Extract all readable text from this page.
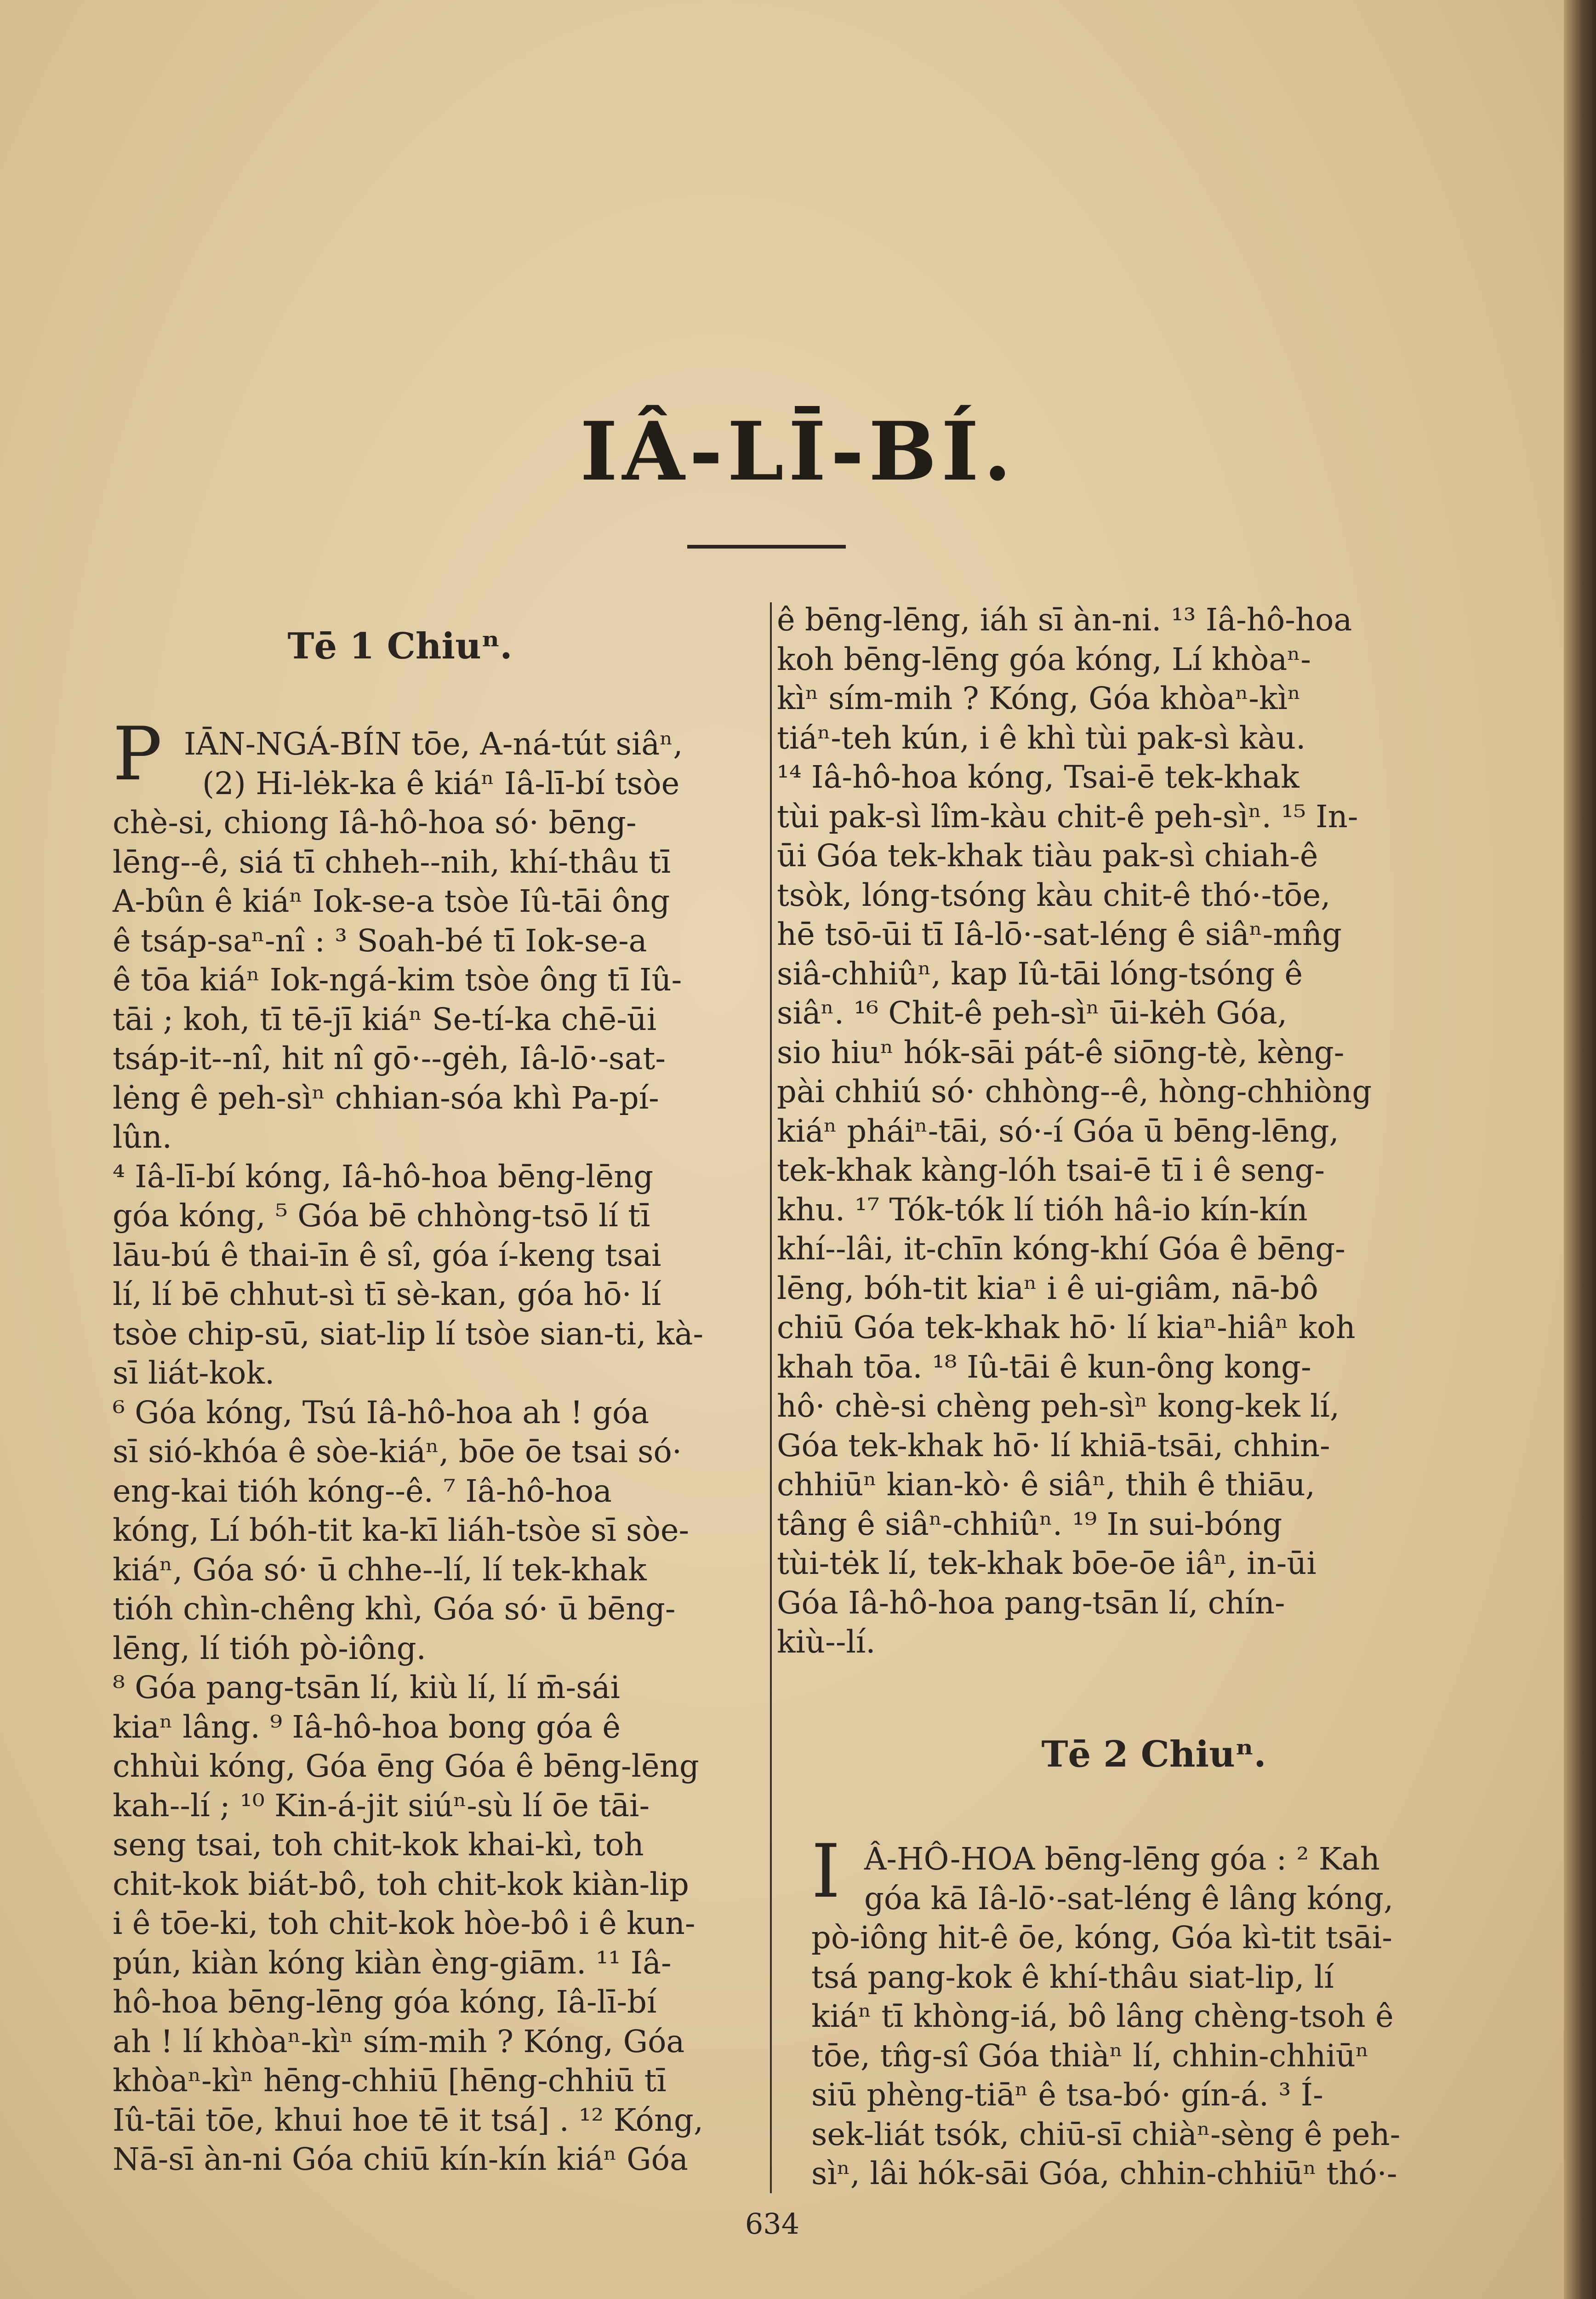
IÂ-LĪ-BÍ.
Tē 1 Chiuⁿ.
P IĀN-NGÁ-BÍN tōe, A-ná-tút siâⁿ,
(2) Hi-lėk-ka ê kiáⁿ Iâ-lī-bí tsòe
chè-si, chiong Iâ-hô-hoa só· bēng-
lēng--ê, siá tī chheh--nih, khí-thâu tī
A-bûn ê kiáⁿ Iok-se-a tsòe Iû-tāi ông
ê tsáp-saⁿ-nî : ³ Soah-bé tī Iok-se-a
ê tōa kiáⁿ Iok-ngá-kim tsòe ông tī Iû-
tāi ; koh, tī tē-jī kiáⁿ Se-tí-ka chē-ūi
tsáp-it--nî, hit nî gō·--gėh, Iâ-lō·-sat-
lėng ê peh-sìⁿ chhian-sóa khì Pa-pí-
lûn.
⁴ Iâ-lī-bí kóng, Iâ-hô-hoa bēng-lēng
góa kóng, ⁵ Góa bē chhòng-tsō lí tī
lāu-bú ê thai-īn ê sî, góa í-keng tsai
lí, lí bē chhut-sì tī sè-kan, góa hō· lí
tsòe chip-sū, siat-lip lí tsòe sian-ti, kà-
sī liát-kok.
⁶ Góa kóng, Tsú Iâ-hô-hoa ah ! góa
sī sió-khóa ê sòe-kiáⁿ, bōe ōe tsai só·
eng-kai tióh kóng--ê. ⁷ Iâ-hô-hoa
kóng, Lí bóh-tit ka-kī liáh-tsòe sī sòe-
kiáⁿ, Góa só· ū chhe--lí, lí tek-khak
tióh chìn-chêng khì, Góa só· ū bēng-
lēng, lí tióh pò-iông.
⁸ Góa pang-tsān lí, kiù lí, lí m̄-sái
kiaⁿ lâng. ⁹ Iâ-hô-hoa bong góa ê
chhùi kóng, Góa ēng Góa ê bēng-lēng
kah--lí ; ¹⁰ Kin-á-jit siúⁿ-sù lí ōe tāi-
seng tsai, toh chit-kok khai-kì, toh
chit-kok biát-bô, toh chit-kok kiàn-lip
i ê tōe-ki, toh chit-kok hòe-bô i ê kun-
pún, kiàn kóng kiàn èng-giām. ¹¹ Iâ-
hô-hoa bēng-lēng góa kóng, Iâ-lī-bí
ah ! lí khòaⁿ-kìⁿ sím-mih ? Kóng, Góa
khòaⁿ-kìⁿ hēng-chhiū [hēng-chhiū tī
Iû-tāi tōe, khui hoe tē it tsá] . ¹² Kóng,
Nā-sī àn-ni Góa chiū kín-kín kiáⁿ Góa
ê bēng-lēng, iáh sī àn-ni. ¹³ Iâ-hô-hoa
koh bēng-lēng góa kóng, Lí khòaⁿ-
kìⁿ sím-mih ? Kóng, Góa khòaⁿ-kìⁿ
tiáⁿ-teh kún, i ê khì tùi pak-sì kàu.
¹⁴ Iâ-hô-hoa kóng, Tsai-ē tek-khak
tùi pak-sì lîm-kàu chit-ê peh-sìⁿ. ¹⁵ In-
ūi Góa tek-khak tiàu pak-sì chiah-ê
tsòk, lóng-tsóng kàu chit-ê thó·-tōe,
hē tsō-ūi tī Iâ-lō·-sat-léng ê siâⁿ-mn̂g
siâ-chhiûⁿ, kap Iû-tāi lóng-tsóng ê
siâⁿ. ¹⁶ Chit-ê peh-sìⁿ ūi-kėh Góa,
sio hiuⁿ hók-sāi pát-ê siōng-tè, kèng-
pài chhiú só· chhòng--ê, hòng-chhiòng
kiáⁿ pháiⁿ-tāi, só·-í Góa ū bēng-lēng,
tek-khak kàng-lóh tsai-ē tī i ê seng-
khu. ¹⁷ Tók-tók lí tióh hâ-io kín-kín
khí--lâi, it-chīn kóng-khí Góa ê bēng-
lēng, bóh-tit kiaⁿ i ê ui-giâm, nā-bô
chiū Góa tek-khak hō· lí kiaⁿ-hiâⁿ koh
khah tōa. ¹⁸ Iû-tāi ê kun-ông kong-
hô· chè-si chèng peh-sìⁿ kong-kek lí,
Góa tek-khak hō· lí khiā-tsāi, chhin-
chhiūⁿ kian-kò· ê siâⁿ, thih ê thiāu,
tâng ê siâⁿ-chhiûⁿ. ¹⁹ In sui-bóng
tùi-tėk lí, tek-khak bōe-ōe iâⁿ, in-ūi
Góa Iâ-hô-hoa pang-tsān lí, chín-
kiù--lí.
Tē 2 Chiuⁿ.
I Â-HÔ-HOA bēng-lēng góa : ² Kah
góa kā Iâ-lō·-sat-léng ê lâng kóng,
pò-iông hit-ê ōe, kóng, Góa kì-tit tsāi-
tsá pang-kok ê khí-thâu siat-lip, lí
kiáⁿ tī khòng-iá, bô lâng chèng-tsoh ê
tōe, tn̂g-sî Góa thiàⁿ lí, chhin-chhiūⁿ
siū phèng-tiāⁿ ê tsa-bó· gín-á. ³ Í-
sek-liát tsók, chiū-sī chiàⁿ-sèng ê peh-
sìⁿ, lâi hók-sāi Góa, chhin-chhiūⁿ thó·-
634
